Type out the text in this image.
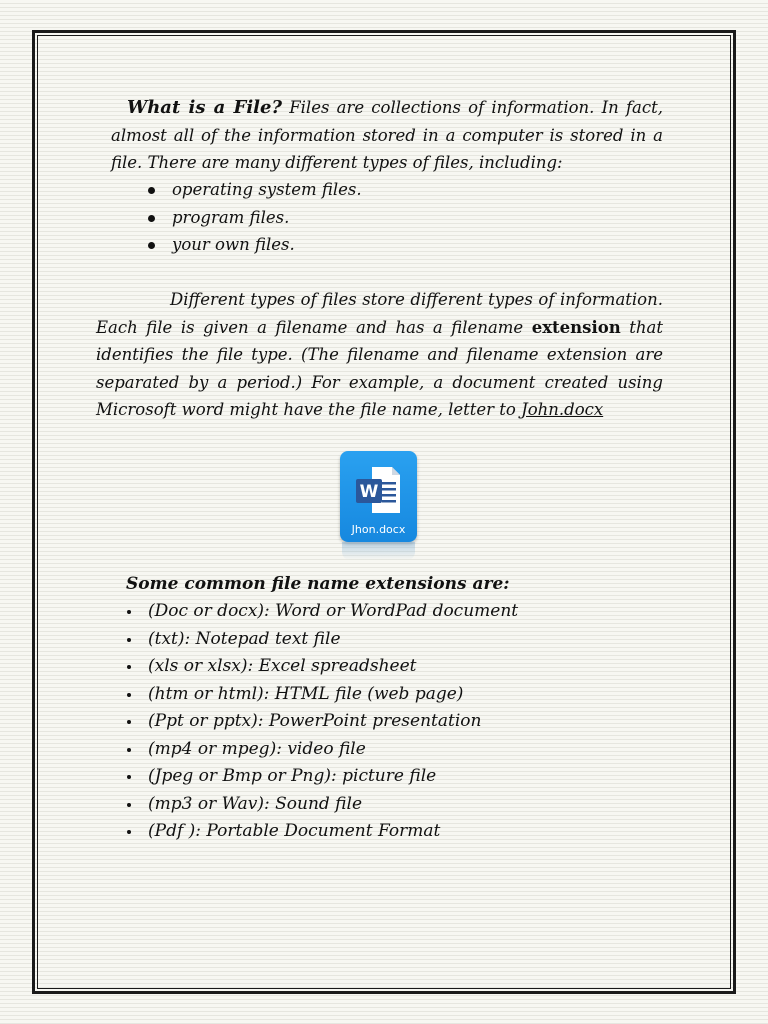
What is a File? Files are collections of information. In fact, almost all of the information stored in a computer is stored in a file. There are many different types of files, including:

operating system files.
program files.
your own files.

Different types of files store different types of information. Each file is given a filename and has a filename extension that identifies the file type. (The filename and filename extension are separated by a period.) For example, a document created using Microsoft word might have the file name, letter to John.docx

W
Jhon.docx

Some common file name extensions are:

(Doc or docx): Word or WordPad document
(txt): Notepad text file
(xls or xlsx): Excel spreadsheet
(htm or html): HTML file (web page)
(Ppt or pptx): PowerPoint presentation
(mp4 or mpeg): video file
(Jpeg or Bmp or Png): picture file
(mp3 or Wav): Sound file
(Pdf ): Portable Document Format
